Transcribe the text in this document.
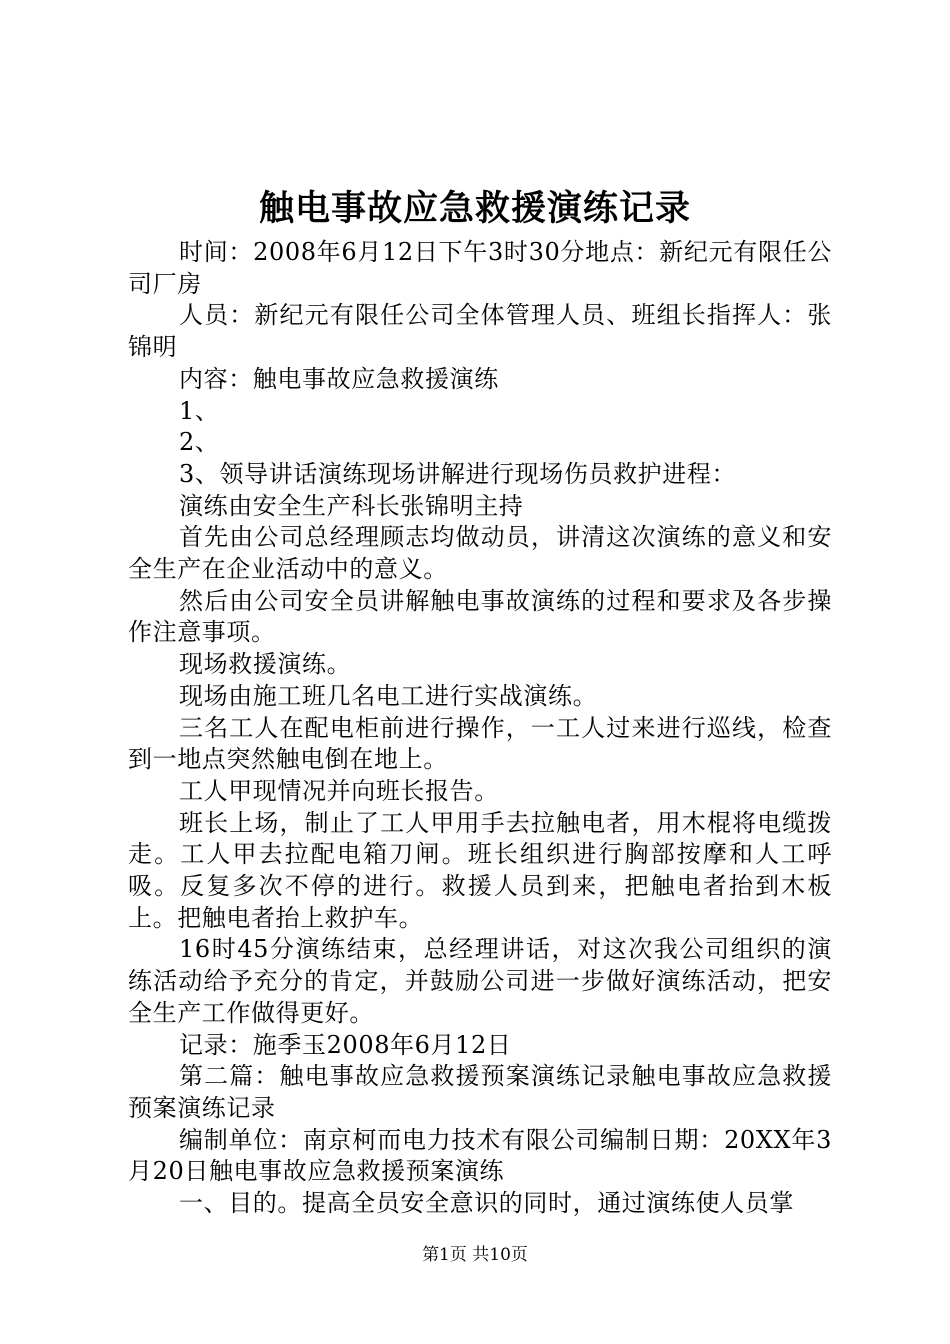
触电事故应急救援演练记录

时间：2008年6月12日下午3时30分地点：新纪元有限任公司厂房

人员：新纪元有限任公司全体管理人员、班组长指挥人：张锦明

内容：触电事故应急救援演练

1、

2、

3、领导讲话演练现场讲解进行现场伤员救护进程：

演练由安全生产科长张锦明主持

首先由公司总经理顾志均做动员，讲清这次演练的意义和安全生产在企业活动中的意义。

然后由公司安全员讲解触电事故演练的过程和要求及各步操作注意事项。

现场救援演练。

现场由施工班几名电工进行实战演练。

三名工人在配电柜前进行操作，一工人过来进行巡线，检查到一地点突然触电倒在地上。

工人甲现情况并向班长报告。

班长上场，制止了工人甲用手去拉触电者，用木棍将电缆拨走。工人甲去拉配电箱刀闸。班长组织进行胸部按摩和人工呼吸。反复多次不停的进行。救援人员到来，把触电者抬到木板上。把触电者抬上救护车。

16时45分演练结束，总经理讲话，对这次我公司组织的演练活动给予充分的肯定，并鼓励公司进一步做好演练活动，把安全生产工作做得更好。

记录：施季玉2008年6月12日

第二篇：触电事故应急救援预案演练记录触电事故应急救援预案演练记录

编制单位：南京柯而电力技术有限公司编制日期：20XX年3月20日触电事故应急救援预案演练

一、目的。提高全员安全意识的同时，通过演练使人员掌

第1页 共10页
